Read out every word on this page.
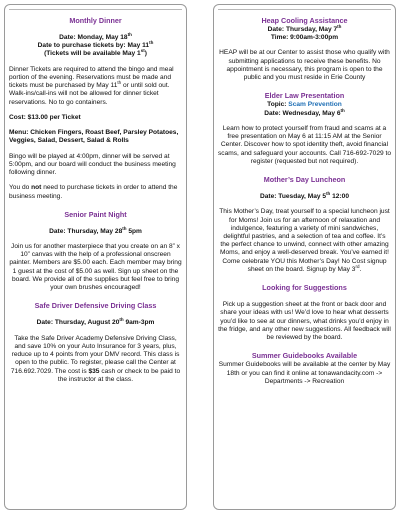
Monthly Dinner
Date: Monday, May 18th
Date to purchase tickets by: May 11th
(Tickets will be available May 1st)

Dinner Tickets are required to attend the bingo and meal portion of the evening. Reservations must be made and tickets must be purchased by May 11th or until sold out. Walk-ins/call-ins will not be allowed for dinner ticket reservations. No to go containers.

Cost: $13.00 per Ticket

Menu: Chicken Fingers, Roast Beef, Parsley Potatoes, Veggies, Salad, Dessert, Salad & Rolls

Bingo will be played at 4:00pm, dinner will be served at 5:00pm, and our board will conduct the business meeting following dinner.

You do not need to purchase tickets in order to attend the business meeting.

Senior Paint Night
Date: Thursday, May 28th 5pm

Join us for another masterpiece that you create on an 8” x 10” canvas with the help of a professional onscreen painter. Members are $5.00 each. Each member may bring 1 guest at the cost of $5.00 as well. Sign up sheet on the board. We provide all of the supplies but feel free to bring your own brushes encouraged!

Safe Driver Defensive Driving Class
Date: Thursday, August 20th 9am-3pm

Take the Safe Driver Academy Defensive Driving Class, and save 10% on your Auto Insurance for 3 years, plus, reduce up to 4 points from your DMV record. This class is open to the public. To register, please call the Center at 716.692.7029. The cost is $35 cash or check to be paid to the instructor at the class.

Heap Cooling Assistance
Date: Thursday, May 7th
Time: 9:00am-3:00pm

HEAP will be at our Center to assist those who qualify with submitting applications to receive these benefits. No appointment is necessary, this program is open to the public and you must reside in Erie County

Elder Law Presentation
Topic: Scam Prevention
Date: Wednesday, May 6th

Learn how to protect yourself from fraud and scams at a free presentation on May 6 at 11:15 AM at the Senior Center. Discover how to spot identity theft, avoid financial scams, and safeguard your accounts. Call 716-692-7029 to register (requested but not required).

Mother’s Day Luncheon
Date: Tuesday, May 5th 12:00

This Mother’s Day, treat yourself to a special luncheon just for Moms! Join us for an afternoon of relaxation and indulgence, featuring a variety of mini sandwiches, delightful pastries, and a selection of tea and coffee. It’s the perfect chance to unwind, connect with other amazing Moms, and enjoy a well-deserved break. You’ve earned it! Come celebrate YOU this Mother’s Day! No Cost signup sheet on the board. Signup by May 3rd.

Looking for Suggestions

Pick up a suggestion sheet at the front or back door and share your ideas with us! We’d love to hear what desserts you’d like to see at our dinners, what drinks you’d enjoy in the fridge, and any other new suggestions. All feedback will be reviewed by the board.

Summer Guidebooks Available

Summer Guidebooks will be available at the center by May 18th or you can find it online at tonawandacity.com -> Departments -> Recreation
